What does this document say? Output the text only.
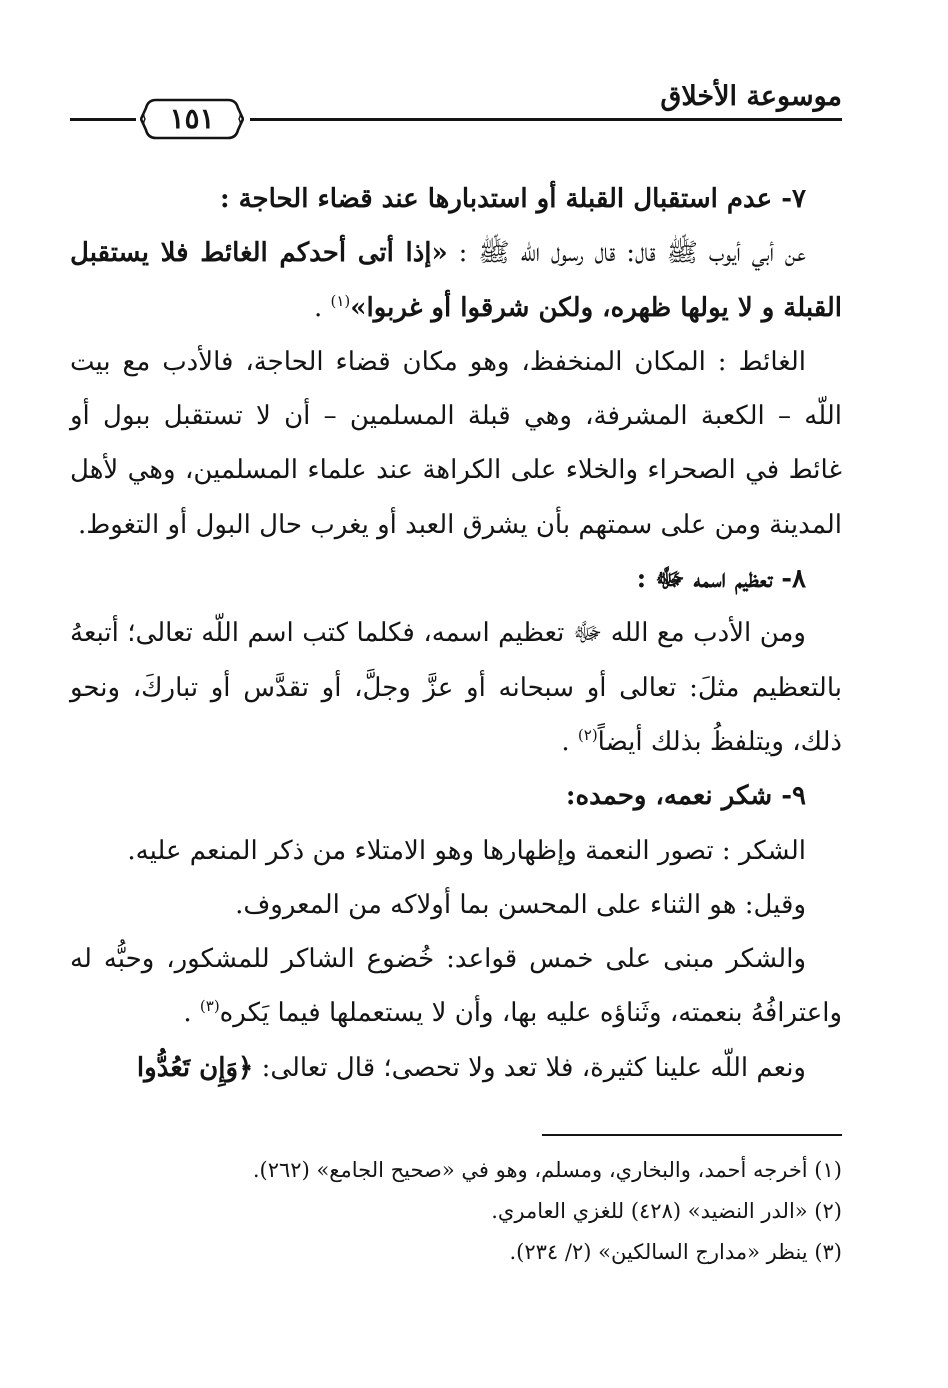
موسوعة الأخلاق
١٥١

٧- عدم استقبال القبلة أو استدبارها عند قضاء الحاجة :

عن أبي أيوب ﷺ قال: قال رسول اللّه ﷺ : «إذا أتى أحدكم الغائط فلا يستقبل القبلة و لا يولها ظهره، ولكن شرقوا أو غربوا»$^{(١)}$ .

الغائط : المكان المنخفظ، وهو مكان قضاء الحاجة، فالأدب مع بيت اللّه – الكعبة المشرفة، وهي قبلة المسلمين – أن لا تستقبل ببول أو غائط في الصحراء والخلاء على الكراهة عند علماء المسلمين، وهي لأهل المدينة ومن على سمتهم بأن يشرق العبد أو يغرب حال البول أو التغوط.

٨- تعظيم اسمه ﷻ :

ومن الأدب مع الله ﷻ تعظيم اسمه، فكلما كتب اسم اللّه تعالى؛ أتبعهُ بالتعظيم مثلَ: تعالى أو سبحانه أو عزَّ وجلَّ، أو تقدَّس أو تباركَ، ونحو ذلك، ويتلفظُ بذلك أيضاً$^{(٢)}$ .

٩- شكر نعمه، وحمده:

الشكر : تصور النعمة وإظهارها وهو الامتلاء من ذكر المنعم عليه.

وقيل: هو الثناء على المحسن بما أولاكه من المعروف.

والشكر مبنى على خمس قواعد: خُضوع الشاكر للمشكور، وحبُّه له واعترافُهُ بنعمته، وثَناؤه عليه بها، وأن لا يستعملها فيما يَكره$^{(٣)}$ .

ونعم اللّه علينا كثيرة، فلا تعد ولا تحصى؛ قال تعالى: ﴿وَإِن تَعُدُّوا

(١) أخرجه أحمد، والبخاري، ومسلم، وهو في «صحيح الجامع» (٢٦٢).

(٢) «الدر النضيد» (٤٢٨) للغزي العامري.

(٣) ينظر «مدارج السالكين» (٢/ ٢٣٤).
